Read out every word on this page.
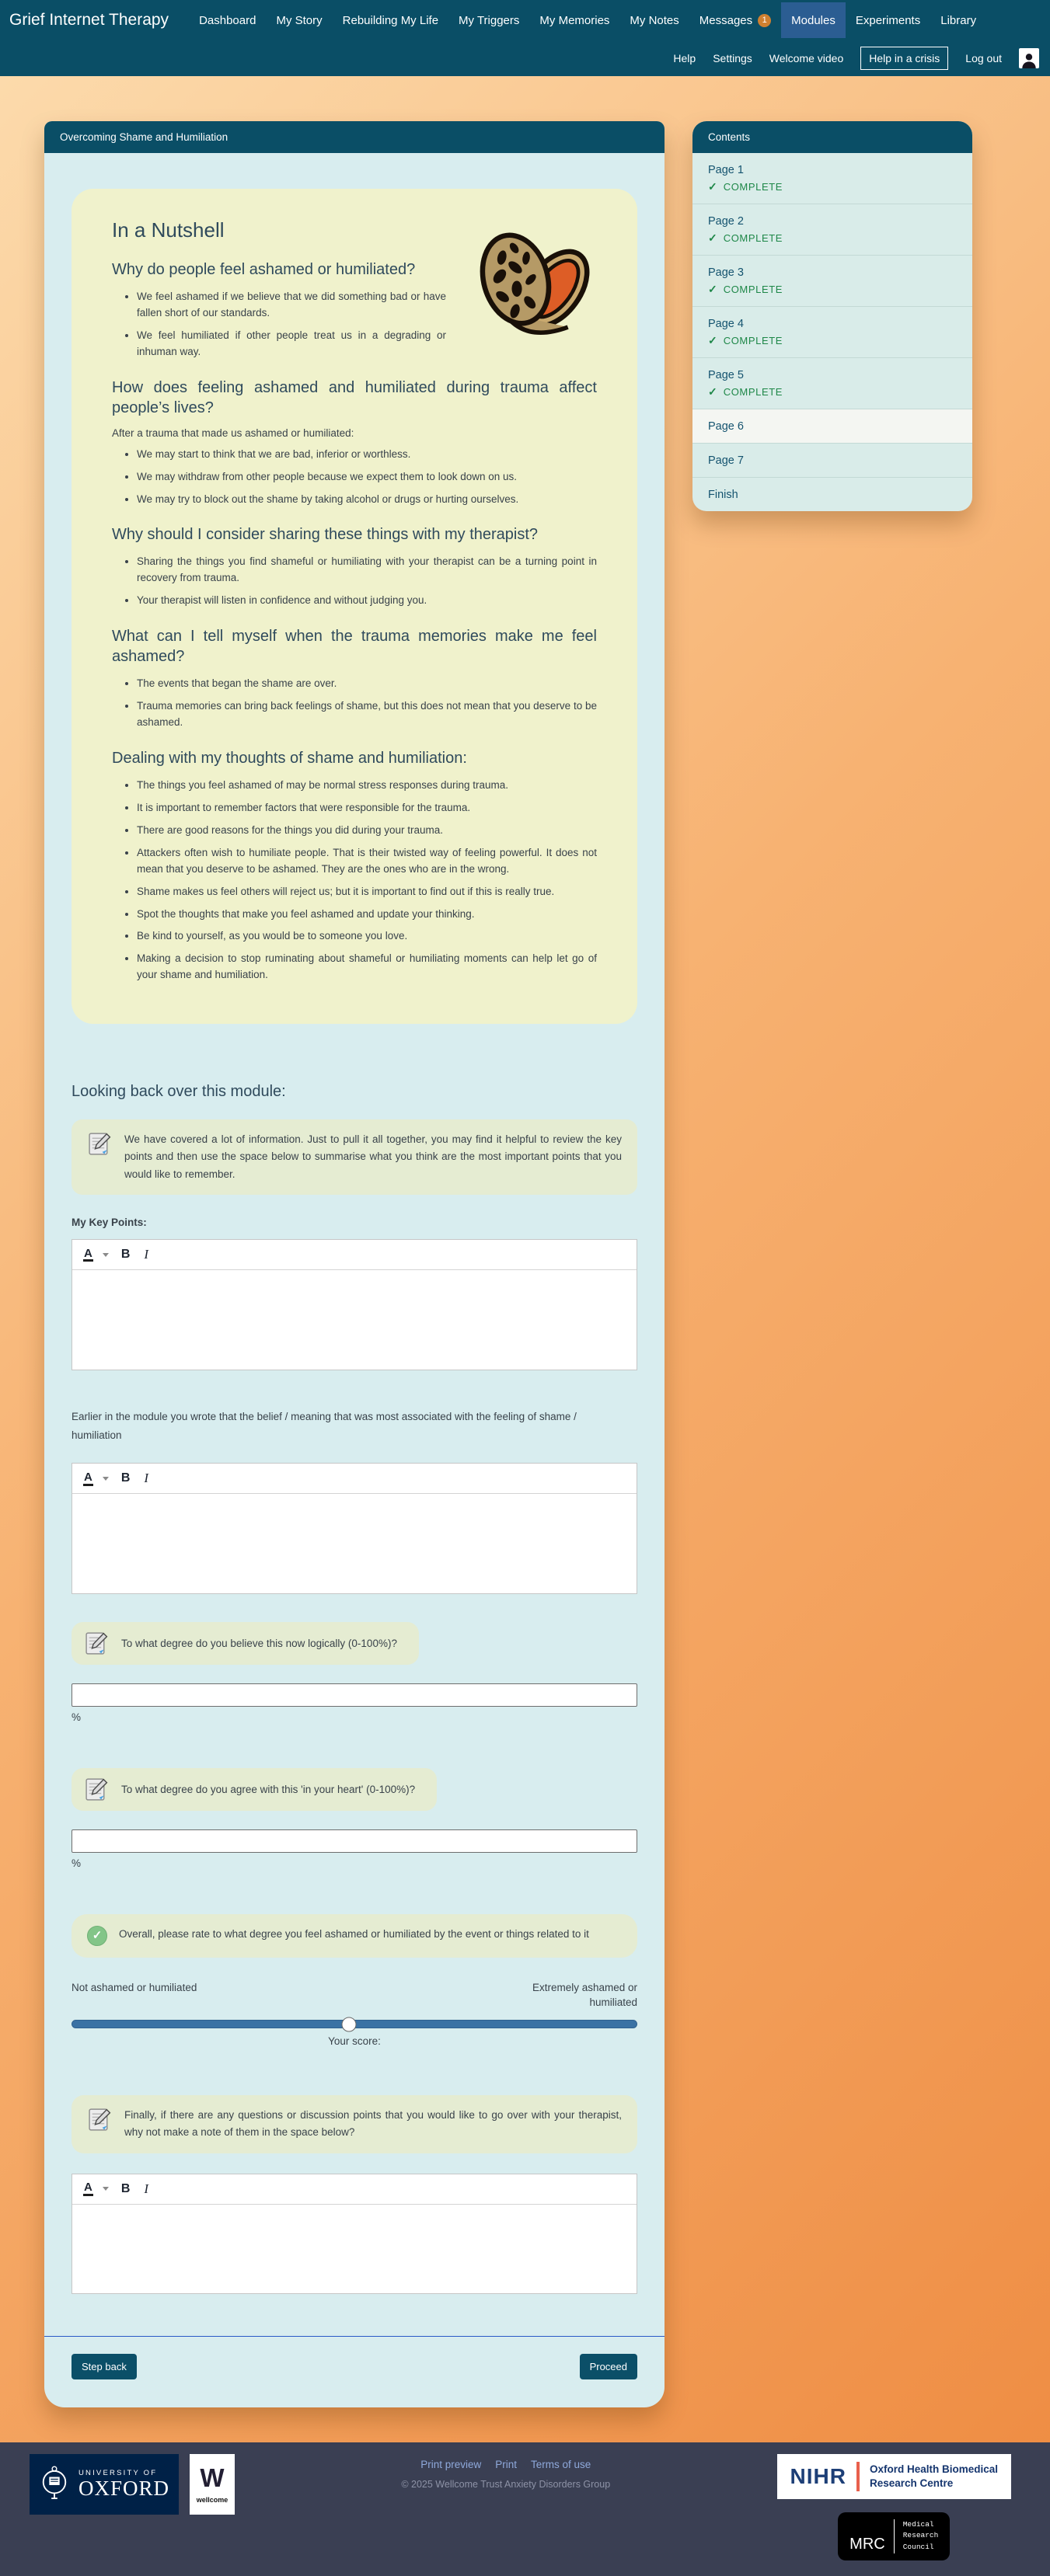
Grief Internet Therapy	Dashboard My Story Rebuilding My Life My Triggers My Memories My Notes Messages	1	Modules Experiments Library
Help Settings Welcome video	Help in a crisis	Log out
Overcoming Shame and Humiliation
In a Nutshell
Why do people feel ashamed or humiliated?
• We feel ashamed if we believe that we did something bad or have fallen short of our standards.
• We feel humiliated if other people treat us in a degrading or inhuman way.
How does feeling ashamed and humiliated during trauma affect people’s lives?

After a trauma that made us ashamed or humiliated:

• We may start to think that we are bad, inferior or worthless.
• We may withdraw from other people because we expect them to look down on us.
• We may try to block out the shame by taking alcohol or drugs or hurting ourselves.
Why should I consider sharing these things with my therapist?
• Sharing the things you find shameful or humiliating with your therapist can be a turning point in recovery from trauma.
• Your therapist will listen in confidence and without judging you.
What can I tell myself when the trauma memories make me feel ashamed?
• The events that began the shame are over.
• Trauma memories can bring back feelings of shame, but this does not mean that you deserve to be ashamed.
Dealing with my thoughts of shame and humiliation:
• The things you feel ashamed of may be normal stress responses during trauma.
• It is important to remember factors that were responsible for the trauma.
• There are good reasons for the things you did during your trauma.
• Attackers often wish to humiliate people. That is their twisted way of feeling powerful. It does not mean that you deserve to be ashamed. They are the ones who are in the wrong.
• Shame makes us feel others will reject us; but it is important to find out if this is really true.
• Spot the thoughts that make you feel ashamed and update your thinking.
• Be kind to yourself, as you would be to someone you love.
• Making a decision to stop ruminating about shameful or humiliating moments can help let go of your shame and humiliation.
Looking back over this module:

We have covered a lot of information. Just to pull it all together, you may find it helpful to review the key points and then use the space below to summarise what you think are the most important points that you would like to remember.

My Key Points:
A B I

Earlier in the module you wrote that the belief / meaning that was most associated with the feeling of shame / humiliation

A B I

To what degree do you believe this now logically (0-100%)?

%

To what degree do you agree with this 'in your heart' (0-100%)?

%
✓	Overall, please rate to what degree you feel ashamed or humiliated by the event or things related to it

Not ashamed or humiliated	Extremely ashamed or humiliated
Your score:

Finally, if there are any questions or discussion points that you would like to go over with your therapist, why not make a note of them in the space below?

A B I
Step back	Proceed
Contents
Page 1
✓ COMPLETE
Page 2
✓ COMPLETE
Page 3
✓ COMPLETE
Page 4
✓ COMPLETE
Page 5
✓ COMPLETE
Page 6
Page 7
Finish
UNIVERSITY OF
OXFORD W
wellcome
Print preview Print Terms of use
© 2025 Wellcome Trust Anxiety Disorders Group	NIHR Oxford Health Biomedical
Research Centre
MRC
Medical
Research
Council
